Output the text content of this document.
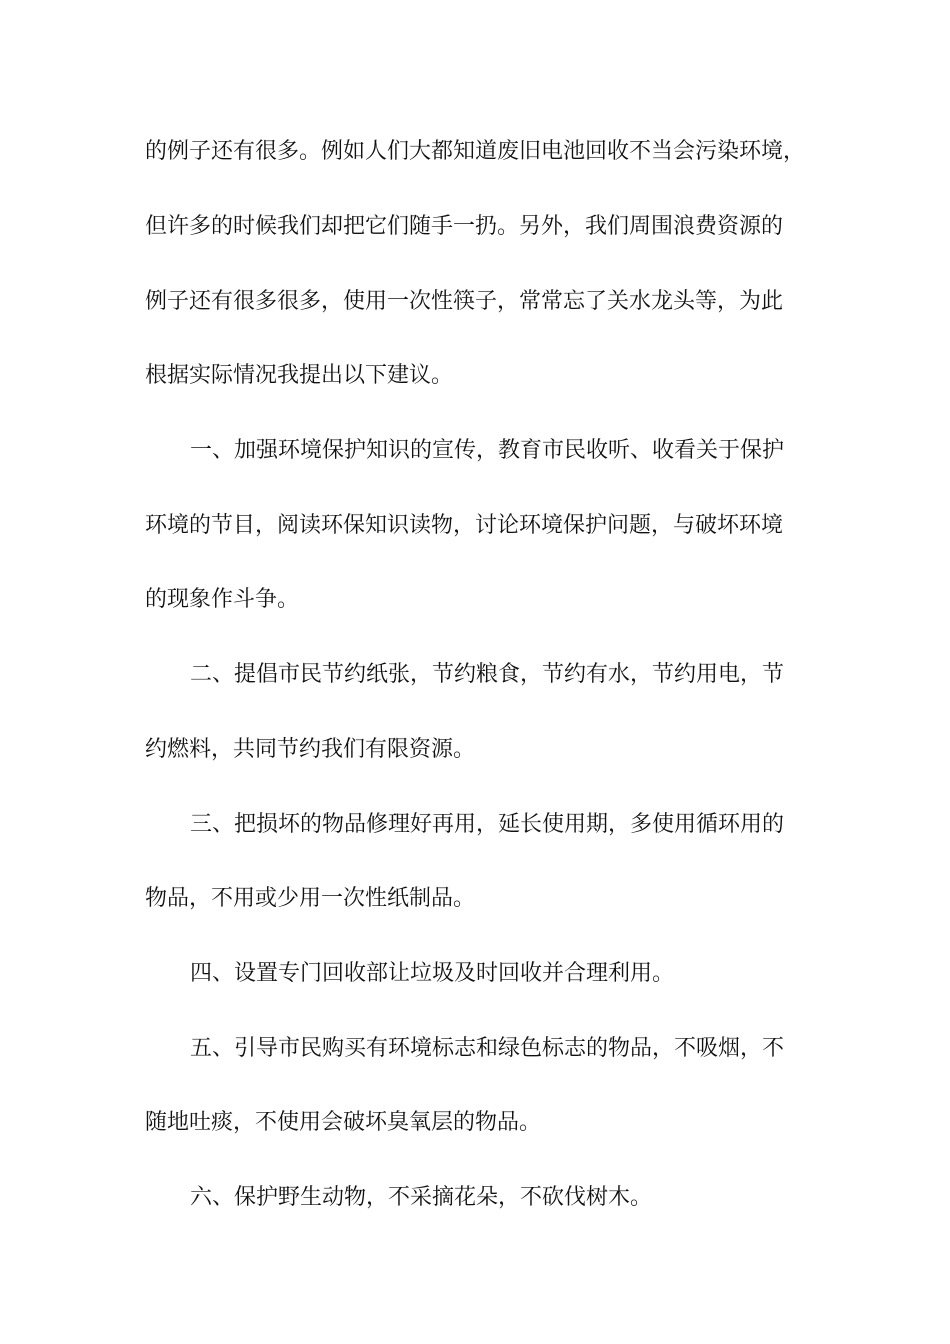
的例子还有很多。例如人们大都知道废旧电池回收不当会污染环境，
但许多的时候我们却把它们随手一扔。另外，我们周围浪费资源的
例子还有很多很多，使用一次性筷子，常常忘了关水龙头等，为此
根据实际情况我提出以下建议。
一、加强环境保护知识的宣传，教育市民收听、收看关于保护
环境的节目，阅读环保知识读物，讨论环境保护问题，与破坏环境
的现象作斗争。
二、提倡市民节约纸张，节约粮食，节约有水，节约用电，节
约燃料，共同节约我们有限资源。
三、把损坏的物品修理好再用，延长使用期，多使用循环用的
物品，不用或少用一次性纸制品。
四、设置专门回收部让垃圾及时回收并合理利用。
五、引导市民购买有环境标志和绿色标志的物品，不吸烟，不
随地吐痰，不使用会破坏臭氧层的物品。
六、保护野生动物，不采摘花朵，不砍伐树木。
